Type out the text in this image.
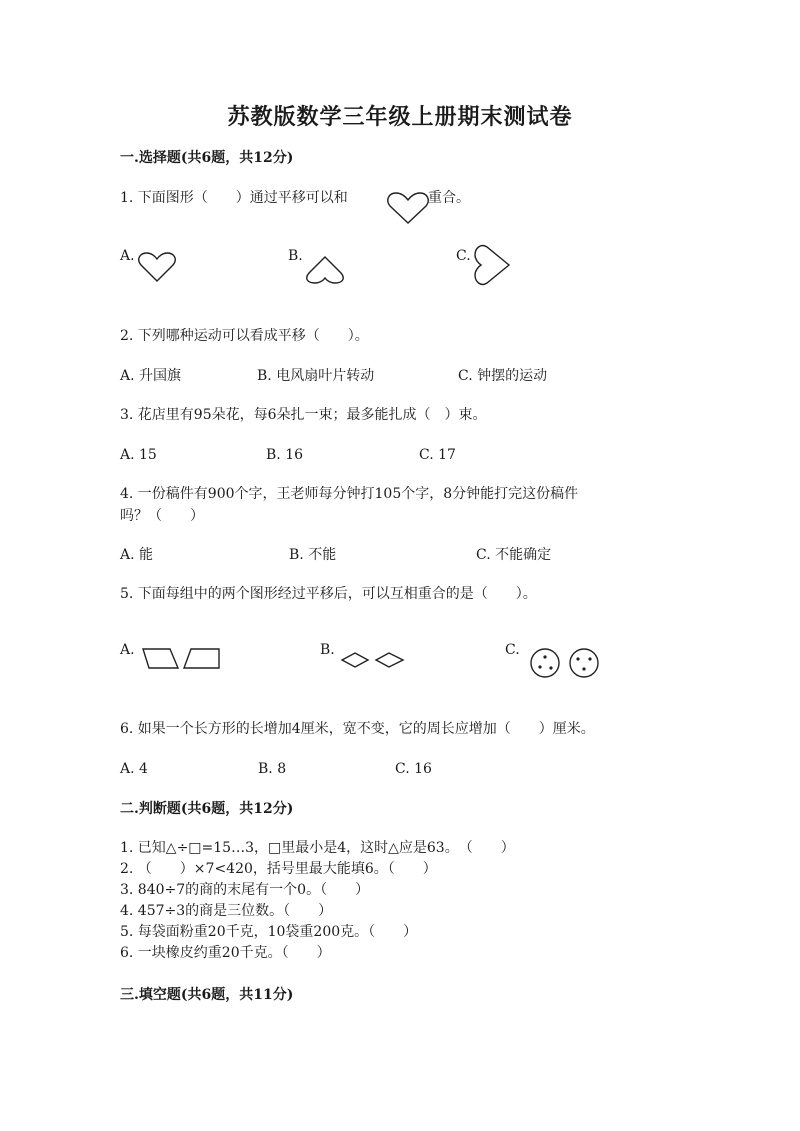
苏教版数学三年级上册期末测试卷
一.选择题(共6题，共12分)
1. 下面图形（　　）通过平移可以和	重合。
A.	B.	C.
2. 下列哪种运动可以看成平移（　　）。
A. 升国旗	B. 电风扇叶片转动	C. 钟摆的运动
3. 花店里有95朵花，每6朵扎一束；最多能扎成（　）束。
A. 15	B. 16	C. 17
4. 一份稿件有900个字，王老师每分钟打105个字，8分钟能打完这份稿件
吗？（　　）
A. 能	B. 不能	C. 不能确定
5. 下面每组中的两个图形经过平移后，可以互相重合的是（　　）。
A.	B.	C.
6. 如果一个长方形的长增加4厘米，宽不变，它的周长应增加（　　）厘米。
A. 4	B. 8	C. 16
二.判断题(共6题，共12分)
1. 已知△÷□=15…3，□里最小是4，这时△应是63。　（　　）
2. （　　）×7<420，括号里最大能填6。（　　）
3. 840÷7的商的末尾有一个0。（　　）
4. 457÷3的商是三位数。（　　）
5. 每袋面粉重20千克，10袋重200克。（　　）
6. 一块橡皮约重20千克。（　　）
三.填空题(共6题，共11分)
